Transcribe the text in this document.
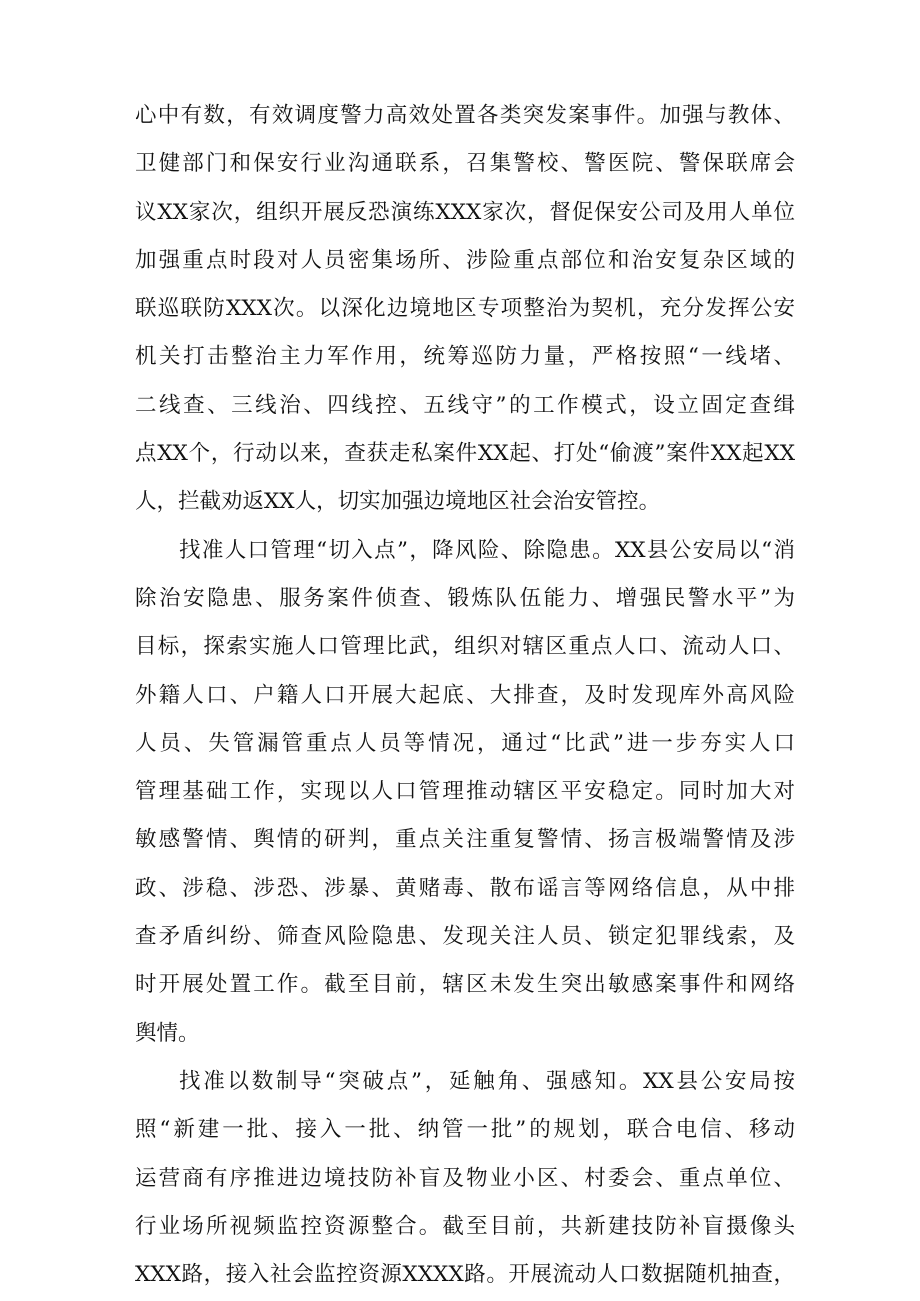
心中有数，有效调度警力高效处置各类突发案事件。加强与教体、
卫健部门和保安行业沟通联系，召集警校、警医院、警保联席会
议XX家次，组织开展反恐演练XXX家次，督促保安公司及用人单位
加强重点时段对人员密集场所、涉险重点部位和治安复杂区域的
联巡联防XXX次。以深化边境地区专项整治为契机，充分发挥公安
机关打击整治主力军作用，统筹巡防力量，严格按照“一线堵、
二线查、三线治、四线控、五线守”的工作模式，设立固定查缉
点XX个，行动以来，查获走私案件XX起、打处“偷渡”案件XX起XX
人，拦截劝返XX人，切实加强边境地区社会治安管控。
找准人口管理“切入点”，降风险、除隐患。XX县公安局以“消
除治安隐患、服务案件侦查、锻炼队伍能力、增强民警水平”为
目标，探索实施人口管理比武，组织对辖区重点人口、流动人口、
外籍人口、户籍人口开展大起底、大排查，及时发现库外高风险
人员、失管漏管重点人员等情况，通过“比武”进一步夯实人口
管理基础工作，实现以人口管理推动辖区平安稳定。同时加大对
敏感警情、舆情的研判，重点关注重复警情、扬言极端警情及涉
政、涉稳、涉恐、涉暴、黄赌毒、散布谣言等网络信息，从中排
查矛盾纠纷、筛查风险隐患、发现关注人员、锁定犯罪线索，及
时开展处置工作。截至目前，辖区未发生突出敏感案事件和网络
舆情。
找准以数制导“突破点”，延触角、强感知。XX县公安局按
照“新建一批、接入一批、纳管一批”的规划，联合电信、移动
运营商有序推进边境技防补盲及物业小区、村委会、重点单位、
行业场所视频监控资源整合。截至目前，共新建技防补盲摄像头
XXX路，接入社会监控资源XXXX路。开展流动人口数据随机抽查，
